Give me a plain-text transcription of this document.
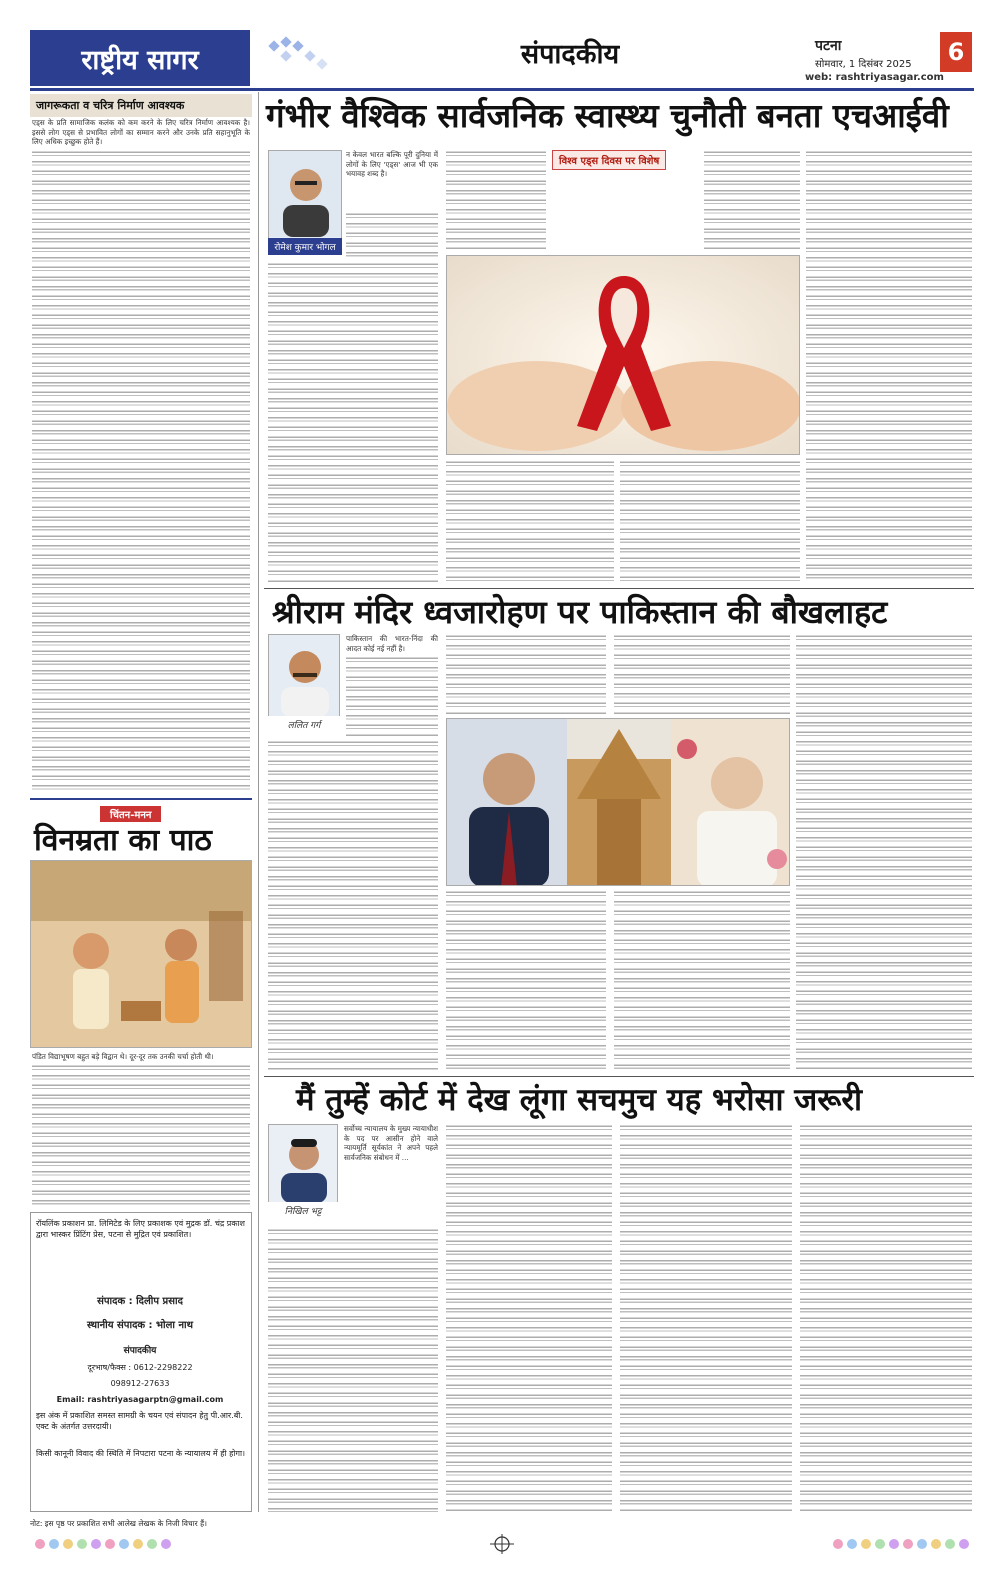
राष्ट्रीय सागर	संपादकीय	पटना
सोमवार, 1 दिसंबर 2025
web: rashtriyasagar.com
6
जागरूकता व चरित्र निर्माण आवश्यक
एड्स के प्रति सामाजिक कलंक को कम करने के लिए चरित्र निर्माण आवश्यक है। इससे लोग एड्स से प्रभावित लोगों का सम्मान करने और उनके प्रति सहानुभूति के लिए अधिक इच्छुक होते हैं।
चिंतन-मनन
विनम्रता का पाठ
पंडित विद्याभूषण बहुत बड़े विद्वान थे। दूर-दूर तक उनकी चर्चा होती थी।
रॉयलिंक प्रकाशन प्रा. लिमिटेड के लिए प्रकाशक एवं मुद्रक डॉ. चंद्र प्रकाश द्वारा भास्कर प्रिंटिंग प्रेस, पटना से मुद्रित एवं प्रकाशित।
संपादक : दिलीप प्रसाद
स्थानीय संपादक : भोला नाथ
संपादकीय
दूरभाष/फैक्स : 0612-2298222
098912-27633
Email: rashtriyasagarptn@gmail.com
इस अंक में प्रकाशित समस्त सामग्री के चयन एवं संपादन हेतु पी.आर.बी. एक्ट के अंतर्गत उत्तरदायी।
किसी कानूनी विवाद की स्थिति में निपटारा पटना के न्यायालय में ही होगा।
नोट: इस पृष्ठ पर प्रकाशित सभी आलेख लेखक के निजी विचार हैं।
गंभीर वैश्विक सार्वजनिक स्वास्थ्य चुनौती बनता एचआईवी
रोमेश कुमार भोगल
न केवल भारत बल्कि पूरी दुनिया में लोगों के लिए 'एड्स' आज भी एक भयावह शब्द है।
विश्व एड्स दिवस पर विशेष
श्रीराम मंदिर ध्वजारोहण पर पाकिस्तान की बौखलाहट
ललित गर्ग
पाकिस्तान की भारत-निंदा की आदत कोई नई नहीं है।
मैं तुम्हें कोर्ट में देख लूंगा सचमुच यह भरोसा जरूरी
निखिल भट्ट
सर्वोच्च न्यायालय के मुख्य न्यायाधीश के पद पर आसीन होने वाले न्यायमूर्ति सूर्यकांत ने अपने पहले सार्वजनिक संबोधन में ...
